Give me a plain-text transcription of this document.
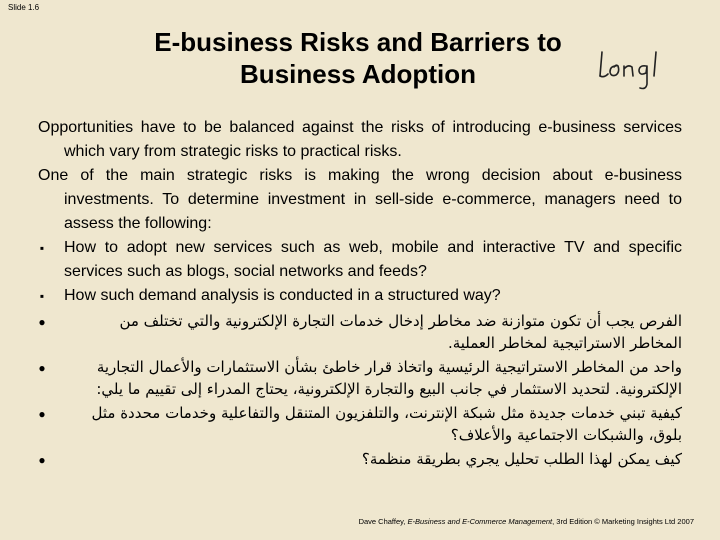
Slide 1.6
E-business Risks and Barriers to Business Adoption

Opportunities have to be balanced against the risks of introducing e-business services which vary from strategic risks to practical risks.

One of the main strategic risks is making the wrong decision about e-business investments. To determine investment in sell-side e-commerce, managers need to assess the following:

▪	How to adopt new services such as web, mobile and interactive TV and specific services such as blogs, social networks and feeds?
▪	How such demand analysis is conducted in a structured way?
●	الفرص يجب أن تكون متوازنة ضد مخاطر إدخال خدمات التجارة الإلكترونية والتي تختلف من المخاطر الاستراتيجية لمخاطر العملية.
●	واحد من المخاطر الاستراتيجية الرئيسية واتخاذ قرار خاطئ بشأن الاستثمارات والأعمال التجارية الإلكترونية. لتحديد الاستثمار في جانب البيع والتجارة الإلكترونية، يحتاج المدراء إلى تقييم ما يلي:
●	كيفية تبني خدمات جديدة مثل شبكة الإنترنت، والتلفزيون المتنقل والتفاعلية وخدمات محددة مثل بلوق، والشبكات الاجتماعية والأعلاف؟
●	كيف يمكن لهذا الطلب تحليل يجري بطريقة منظمة؟
Dave Chaffey, E-Business and E-Commerce Management, 3rd Edition © Marketing Insights Ltd 2007
